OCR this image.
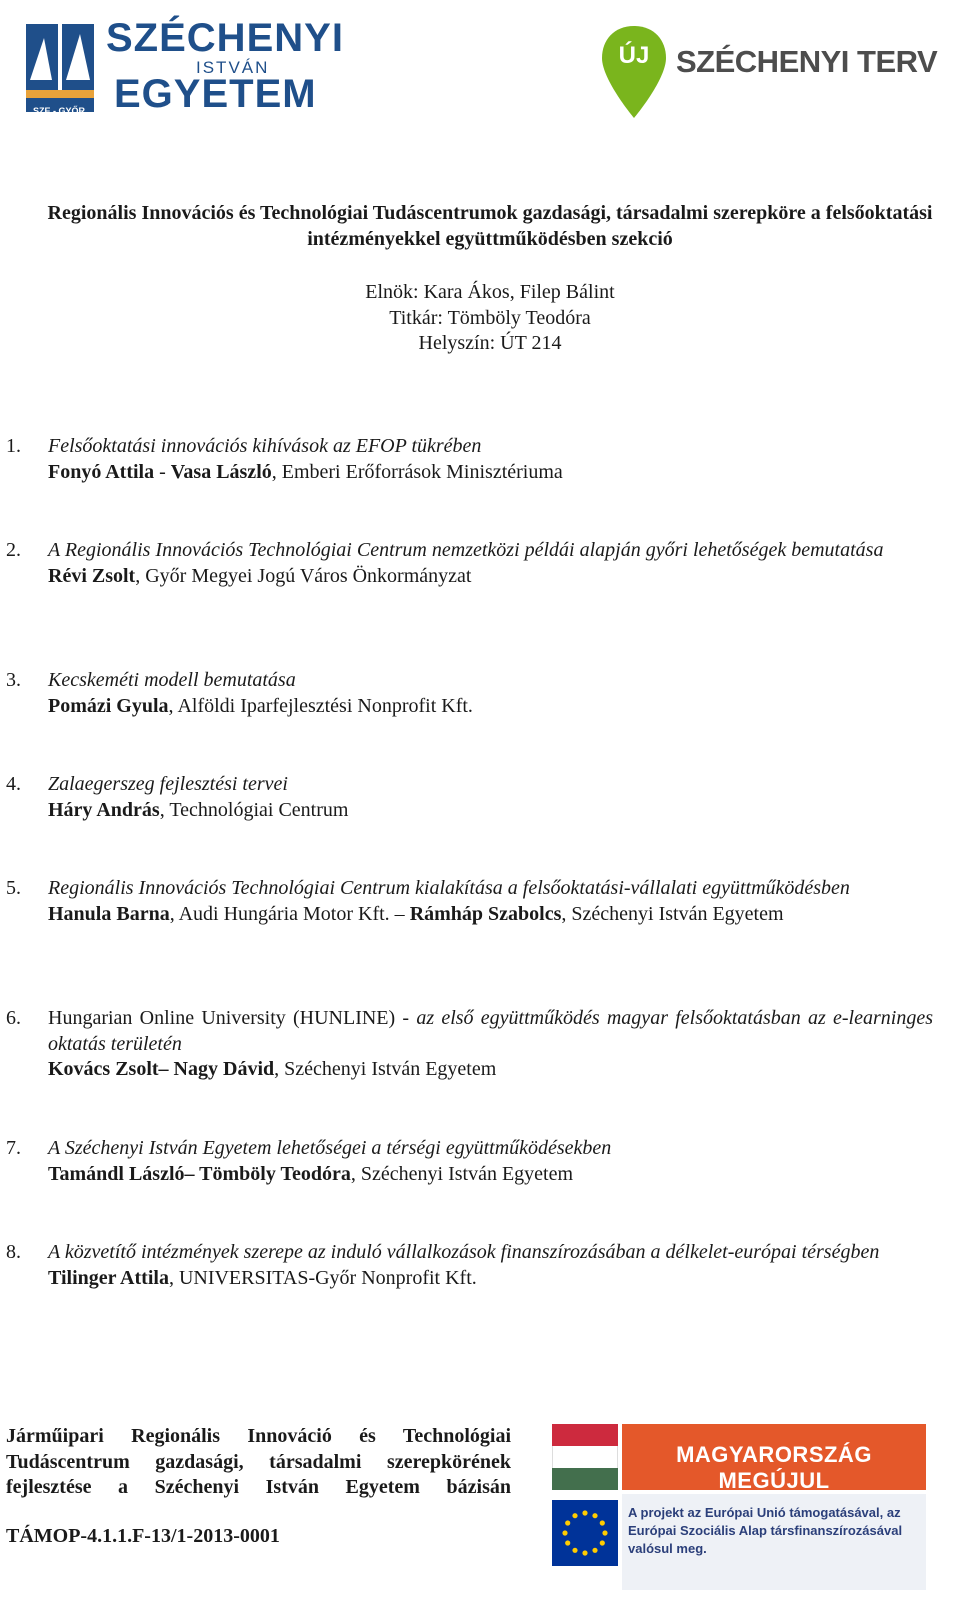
SZE - GYŐR
SZÉCHENYI
ISTVÁN
EGYETEM
ÚJ SZÉCHENYI TERV
Regionális Innovációs és Technológiai Tudáscentrumok gazdasági, társadalmi szerepköre a felsőoktatási intézményekkel együttműködésben szekció
Elnök: Kara Ákos, Filep Bálint
Titkár: Tömböly Teodóra
Helyszín: ÚT 214
1. Felsőoktatási innovációs kihívások az EFOP tükrében
Fonyó Attila - Vasa László, Emberi Erőforrások Minisztériuma
2. A Regionális Innovációs Technológiai Centrum nemzetközi példái alapján győri lehetőségek bemutatása
Révi Zsolt, Győr Megyei Jogú Város Önkormányzat
3. Kecskeméti modell bemutatása
Pomázi Gyula, Alföldi Iparfejlesztési Nonprofit Kft.
4. Zalaegerszeg fejlesztési tervei
Háry András, Technológiai Centrum
5. Regionális Innovációs Technológiai Centrum kialakítása a felsőoktatási-vállalati együttműködésben
Hanula Barna, Audi Hungária Motor Kft. – Rámháp Szabolcs, Széchenyi István Egyetem
6. Hungarian Online University (HUNLINE) - az első együttműködés magyar felsőoktatásban az e-learninges oktatás területén
Kovács Zsolt– Nagy Dávid, Széchenyi István Egyetem
7. A Széchenyi István Egyetem lehetőségei a térségi együttműködésekben
Tamándl László– Tömböly Teodóra, Széchenyi István Egyetem
8. A közvetítő intézmények szerepe az induló vállalkozások finanszírozásában a délkelet-európai térségben
Tilinger Attila, UNIVERSITAS-Győr Nonprofit Kft.
Járműipari Regionális Innováció és Technológiai Tudáscentrum gazdasági, társadalmi szerepkörének fejlesztése a Széchenyi István Egyetem bázisán
TÁMOP-4.1.1.F-13/1-2013-0001
MAGYARORSZÁG MEGÚJUL
A projekt az Európai Unió támogatásával, az Európai Szociális Alap társfinanszírozásával valósul meg.
